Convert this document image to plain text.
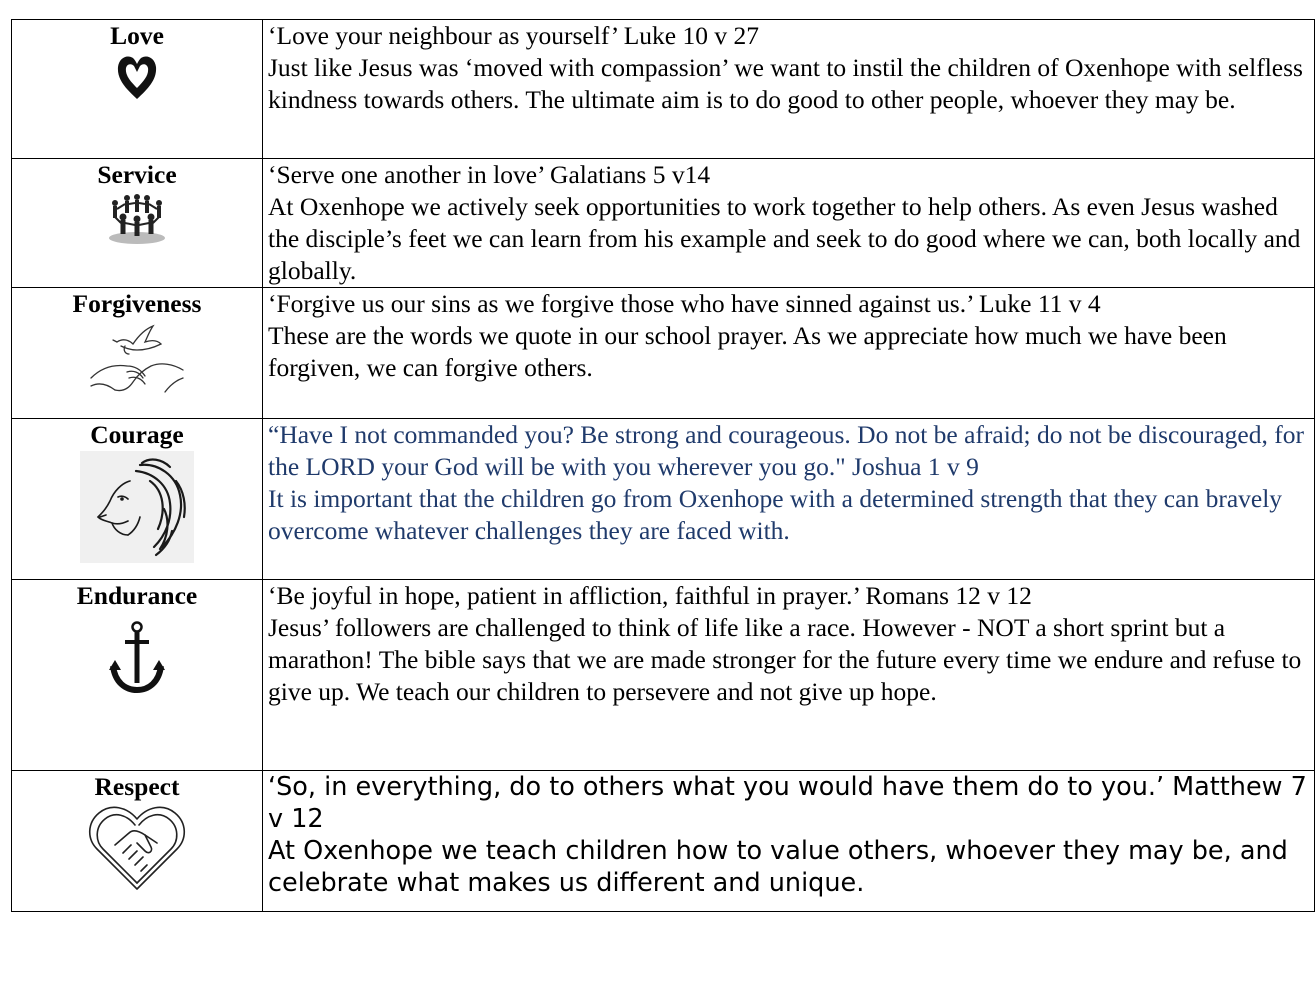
Love	‘Love your neighbour as yourself’ Luke 10 v 27
Just like Jesus was ‘moved with compassion’ we want to instil the children of Oxenhope with selfless kindness towards others. The ultimate aim is to do good to other people, whoever they may be.

Service	‘Serve one another in love’ Galatians 5 v14
At Oxenhope we actively seek opportunities to work together to help others. As even Jesus washed the disciple’s feet we can learn from his example and seek to do good where we can, both locally and globally.

Forgiveness	‘Forgive us our sins as we forgive those who have sinned against us.’ Luke 11 v 4
These are the words we quote in our school prayer. As we appreciate how much we have been forgiven, we can forgive others.

Courage	“Have I not commanded you? Be strong and courageous. Do not be afraid; do not be discouraged, for the LORD your God will be with you wherever you go." Joshua 1 v 9
It is important that the children go from Oxenhope with a determined strength that they can bravely overcome whatever challenges they are faced with.

Endurance	‘Be joyful in hope, patient in affliction, faithful in prayer.’ Romans 12 v 12
Jesus’ followers are challenged to think of life like a race. However - NOT a short sprint but a marathon! The bible says that we are made stronger for the future every time we endure and refuse to give up. We teach our children to persevere and not give up hope.

Respect	‘So, in everything, do to others what you would have them do to you.’ Matthew 7 v 12
At Oxenhope we teach children how to value others, whoever they may be, and celebrate what makes us different and unique.
